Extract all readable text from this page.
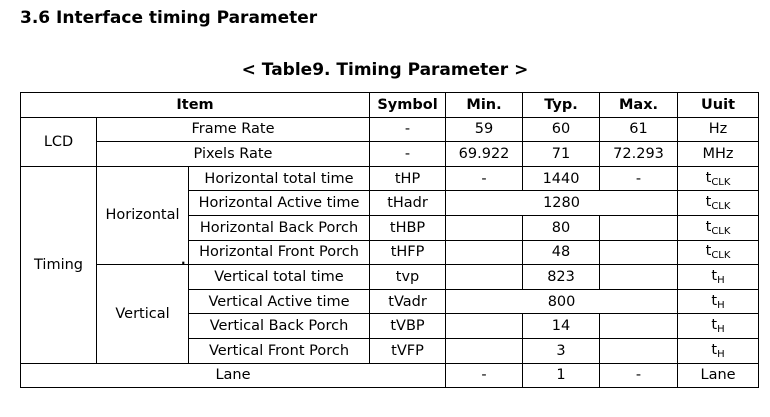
3.6 Interface timing Parameter
< Table9. Timing Parameter >
Item			Symbol	Min.	Typ.	Max.	Uuit
LCD	Frame Rate		-	59	60	61	Hz
	Pixels Rate		-	69.922	71	72.293	MHz
Timing	Horizontal	Horizontal total time	tHP	-	1440	-	$t_{CLK}$
		Horizontal Active time	tHadr	1280			$t_{CLK}$
		Horizontal Back Porch	tHBP		80		$t_{CLK}$
		Horizontal Front Porch	tHFP		48		$t_{CLK}$
	Vertical	Vertical total time	tvp		823		$t_H$
		Vertical Active time	tVadr	800			$t_H$
		Vertical Back Porch	tVBP		14		$t_H$
		Vertical Front Porch	tVFP		3		$t_H$
Lane				-	1	-	Lane
.
